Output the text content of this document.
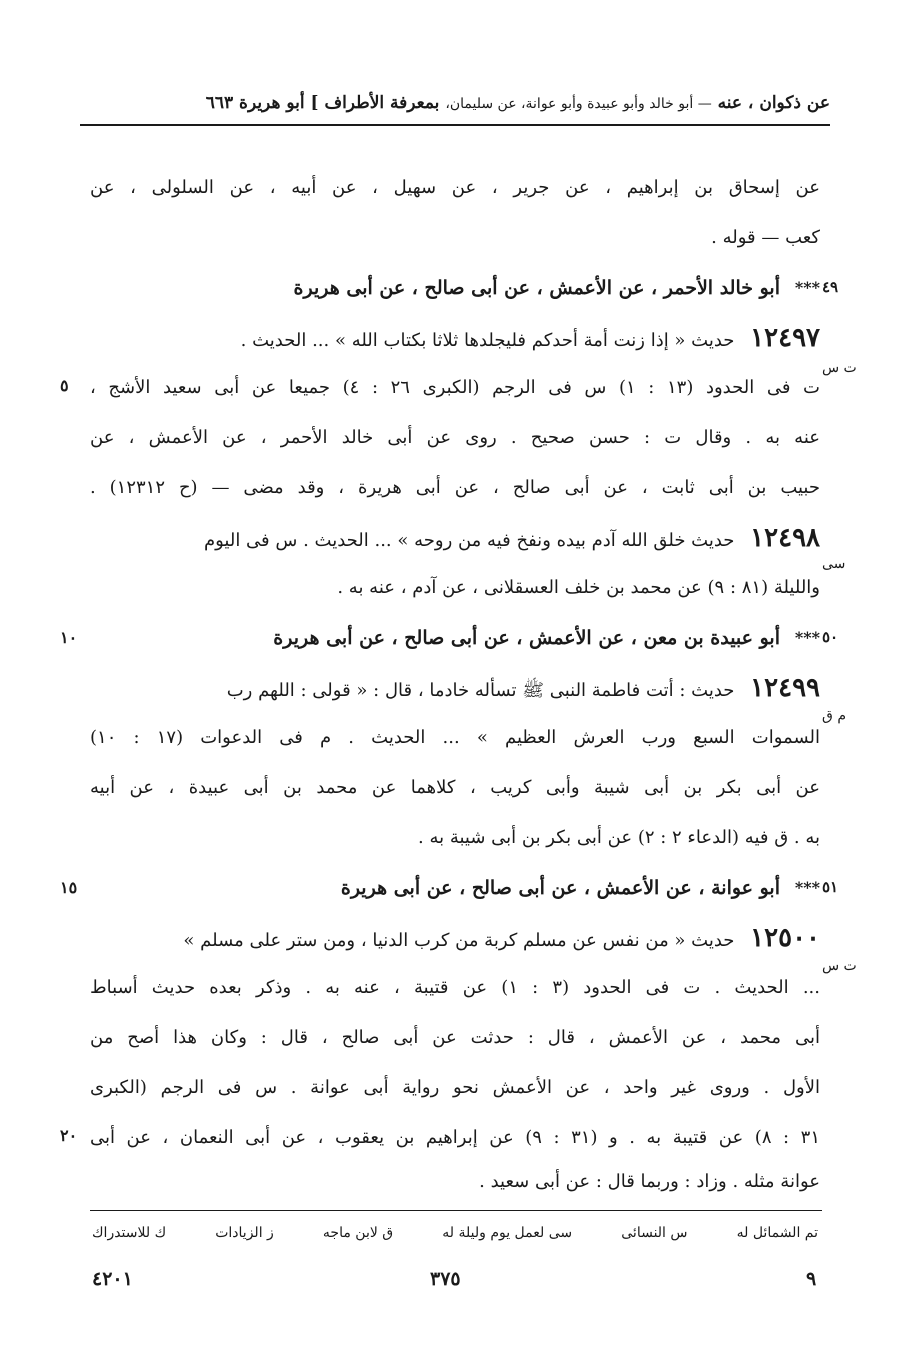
عن ذكوان ، عنه — أبو خالد وأبو عبيدة وأبو عوانة، عن سليمان، بمعرفة الأطراف ] أبو هريرة ٦٦٣
عن إسحاق بن إبراهيم ، عن جرير ، عن سهيل ، عن أبيه ، عن السلولى ، عن
كعب — قوله .
٤٩
***
أبو خالد الأحمر ، عن الأعمش ، عن أبى صالح ، عن أبى هريرة
١٢٤٩٧ حديث « إذا زنت أمة أحدكم فليجلدها ثلاثا بكتاب الله » ... الحديث .
ت س
٥	ت فى الحدود (١٣ : ١) س فى الرجم (الكبرى ٢٦ : ٤) جميعا عن أبى سعيد الأشج ،
عنه به . وقال ت : حسن صحيح . روى عن أبى خالد الأحمر ، عن الأعمش ، عن
حبيب بن أبى ثابت ، عن أبى صالح ، عن أبى هريرة ، وقد مضى — (ح ١٢٣١٢) .
١٢٤٩٨ حديث خلق الله آدم بيده ونفخ فيه من روحه » ... الحديث . س فى اليوم
سى
والليلة (٨١ : ٩) عن محمد بن خلف العسقلانى ، عن آدم ، عنه به .
٥٠
***
١٠	أبو عبيدة بن معن ، عن الأعمش ، عن أبى صالح ، عن أبى هريرة
١٢٤٩٩ حديث : أتت فاطمة النبى ﷺ تسأله خادما ، قال : « قولى : اللهم رب
م ق
السموات السبع ورب العرش العظيم » ... الحديث . م فى الدعوات (١٧ : ١٠)
عن أبى بكر بن أبى شيبة وأبى كريب ، كلاهما عن محمد بن أبى عبيدة ، عن أبيه
به . ق فيه (الدعاء ٢ : ٢) عن أبى بكر بن أبى شيبة به .
٥١
***
١٥	أبو عوانة ، عن الأعمش ، عن أبى صالح ، عن أبى هريرة
١٢٥٠٠ حديث « من نفس عن مسلم كربة من كرب الدنيا ، ومن ستر على مسلم »
ت س
... الحديث . ت فى الحدود (٣ : ١) عن قتيبة ، عنه به . وذكر بعده حديث أسباط
أبى محمد ، عن الأعمش ، قال : حدثت عن أبى صالح ، قال : وكان هذا أصح من
الأول . وروى غير واحد ، عن الأعمش نحو رواية أبى عوانة . س فى الرجم (الكبرى
٢٠ ٣١ : ٨) عن قتيبة به . و (٣١ : ٩) عن إبراهيم بن يعقوب ، عن أبى النعمان ، عن أبى
عوانة مثله . وزاد : وربما قال : عن أبى سعيد .
تم الشمائل له
س النسائى
سى لعمل يوم وليلة له
ق لابن ماجه
ز الزيادات
ك للاستدراك
٤٢٠١	٣٧٥	٩
